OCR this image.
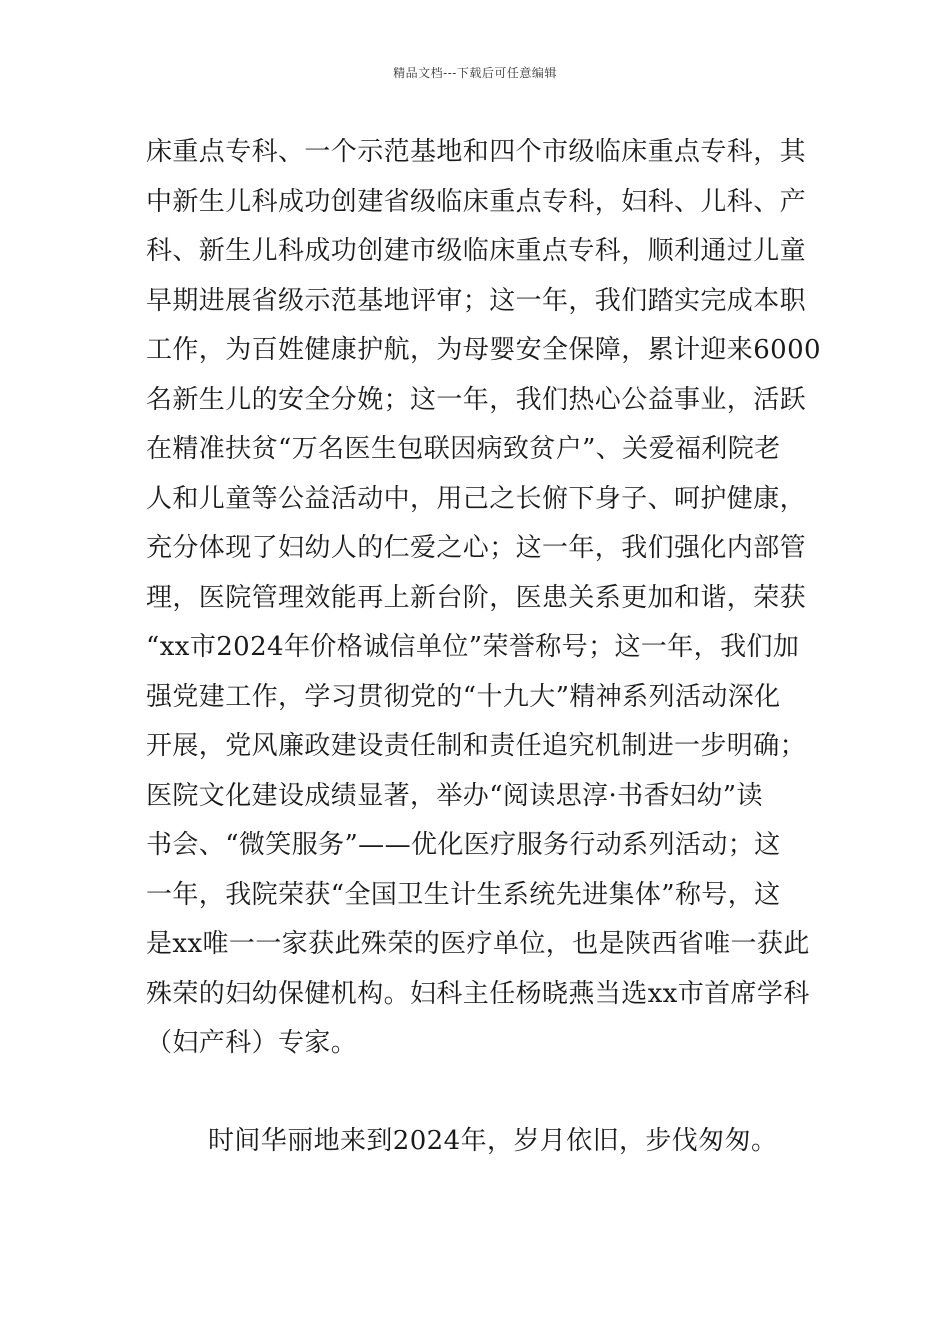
精品文档---下载后可任意编辑
床重点专科、一个示范基地和四个市级临床重点专科，其
中新生儿科成功创建省级临床重点专科，妇科、儿科、产
科、新生儿科成功创建市级临床重点专科，顺利通过儿童
早期进展省级示范基地评审；这一年，我们踏实完成本职
工作，为百姓健康护航，为母婴安全保障，累计迎来6000
名新生儿的安全分娩；这一年，我们热心公益事业，活跃
在精准扶贫“万名医生包联因病致贫户”、关爱福利院老
人和儿童等公益活动中，用己之长俯下身子、呵护健康，
充分体现了妇幼人的仁爱之心；这一年，我们强化内部管
理，医院管理效能再上新台阶，医患关系更加和谐，荣获
“xx市2024年价格诚信单位”荣誉称号；这一年，我们加
强党建工作，学习贯彻党的“十九大”精神系列活动深化
开展，党风廉政建设责任制和责任追究机制进一步明确；
医院文化建设成绩显著，举办“阅读思淳·书香妇幼”读
书会、“微笑服务”——优化医疗服务行动系列活动；这
一年，我院荣获“全国卫生计生系统先进集体”称号，这
是xx唯一一家获此殊荣的医疗单位，也是陕西省唯一获此
殊荣的妇幼保健机构。妇科主任杨晓燕当选xx市首席学科
（妇产科）专家。
时间华丽地来到2024年，岁月依旧，步伐匆匆。
